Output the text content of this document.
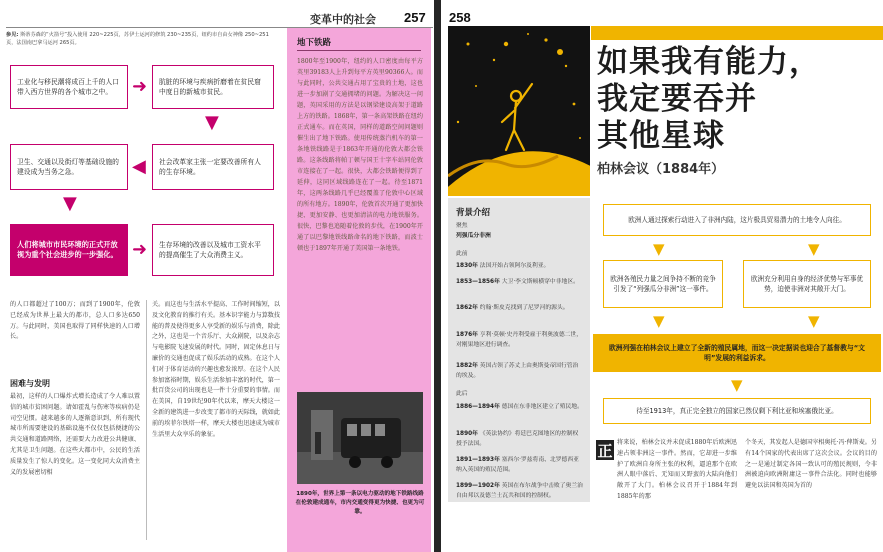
变革中的社会 257
参见: 斯蒂芬森的“火箭号”投入使用 220~225页，苏伊士运河的修筑 230~235页，纽约市自由女神像 250~251页，法国南巴拿马运河 265页。
工业化与移民潮将成百上千的人口带入西方世界的各个城市之中。	➜	肮脏的环境与疾病折磨着在贫民窟中度日的新城市贫民。
▼
卫生、交通以及街灯等基础设施的建设成为当务之急。	◀	社会改革家主张一定要改善所有人的生存环境。
▼
人们将城市市民环境的正式开放视为重个社会进步的一步强化。 ➜	生存环境的改善以及城市工资水平的提高催生了大众消费主义。
的人口都超过了100万；而到了1900年，伦敦已经成为世界上最大的都市，总人口多达650万。与此同时，美国也取得了同样快速的人口增长。
困难与发明
最初，这样的人口爆炸式增长造成了令人难以置信的城市贫困问题。请如霍乱与伤寒等疾病仍是司空见惯。越来越多的人逐渐意识到，所有现代城市所需要建设的基础设施不仅仅包括便捷的公共交通和道路网络，还需要大力改进公共健康、尤其是卫生问题。在这些大都市中，公民的生活质量发生了惊人的变化。这一变化同大众消费主义的发展密切相
关。而这也与生活水平提高、工作时间缩短，以及文化教育的推行有关。基本识字能力与算数技能的普及使得更多人享受新的娱乐与消费，除此之外，这也是一个音乐厅、大众剧院，以及杂志与电影院飞速发展的时代。同时，固定休息日与廉价的交通也促成了娱乐活动的成熟。在这个人们对于体育运动的兴趣也愈发浓厚。在这个人民参加富裕时期，娱乐生活参加丰富的时代，第一批百货公司的出现也是一件十分重要的事情。而在美国，自19世纪90年代以来，摩天大楼这一全新的建筑进一步改变了都市的天际线，就如此前的埃菲尔铁塔一样，摩天大楼也迅速成为城市生活里大众享乐的象征。
地下铁路
1800年至1900年，纽约的人口密度由每平方英里39183人上升到每平方英里90366人。而与此同时，公共交通占用了宝贵的土地，这也进一步加剧了交通拥堵的问题。为解决这一问题，英国采用的方法是以钢梁建设高架于道路上方的铁路。1868年，第一条高架铁路在纽约正式通车。而在英国，同样的道路空间问题则催生出了地下铁路。使用传统蒸汽机车的第一条地铁线路是于1863年开通的伦敦大都会铁路。这条线路将帕丁顿与国王十字车站同伦敦市连接在了一起。很快，大都会铁路便得到了延伸，这同区域线路连在了一起。待至1871年，这两条线路几乎已经覆盖了伦敦中心区域的所有地方。1890年，伦敦首次开通了更加快捷、更加安静、也更加清洁的电力地铁服务。很快，巴黎也追随着伦敦的步伐，在1900年开通了以巴黎地铁线路命名的地下铁路，而波士顿也于1897年开通了美国第一条地铁。
1890年，世界上第一条以电力驱动的地下铁路线路在伦敦建成通车，市内交通变得更为快捷、也更为可靠。
258
如果我有能力，
我定要吞并
其他星球
柏林会议（1884年）
背景介绍
聚焦
列强瓜分非洲
此前
1830年 法国开始占领阿尔及利亚。
1853—1856年 大卫·李文斯顿横穿中非地区。
1862年 约翰·斯皮克找到了尼罗河的源头。
1876年 亨利·莫顿·史丹利受雇于利奥波德二世，对刚果地区进行调查。
1882年 英国占领了苏丈上由奥斯曼帝国行管治的埃及。
此后
1886—1894年 德国在东非地区建立了殖民地。
1890年 《英法协约》将廷巴克图地区的控制权授予法国。
1891—1893年 塞西尔·罗兹将南、北罗德西亚纳入英国的殖民范围。
1899—1902年 英国在布尔战争中击败了奥兰治自由邦以及德兰士瓦共和国的控制权。
欧洲人通过探索行动进入了非洲内陆，这片极具贸易潜力的土地令人向往。
▼	▼
欧洲各殖民力量之间争持不断的竞争引发了“列强瓜分非洲”这一事件。
欧洲充分利用自身的经济优势与军事优势，迫使非洲对其敞开大门。
▼	▼
欧洲列强在柏林会议上建立了全新的殖民属地，而这一决定据说也迎合了基督教与“文明”发展的利益诉求。
▼
待至1913年，真正完全独立的国家已然仅剩下利比亚和埃塞俄比亚。
正 将来说，柏林会议并未促成1880年后欧洲迅速占领非洲这一事件。然而，它却进一步维护了欧洲自身所主张的权利，逼迫那个在欧洲人眼中落后、无知而又野蛮的大陆向他们敞开了大门。柏林会议召开于1884年到1885年的那
个冬天，其发起人是德国宰相奥托·冯·俾斯麦。另有14个国家的代表出席了这次会议。会议的目的之一是通过制定各国一致认可的殖民规则，令非洲被迫向欧洲附庸这一事件合法化。同时也能够避免以法国和英国为首的
